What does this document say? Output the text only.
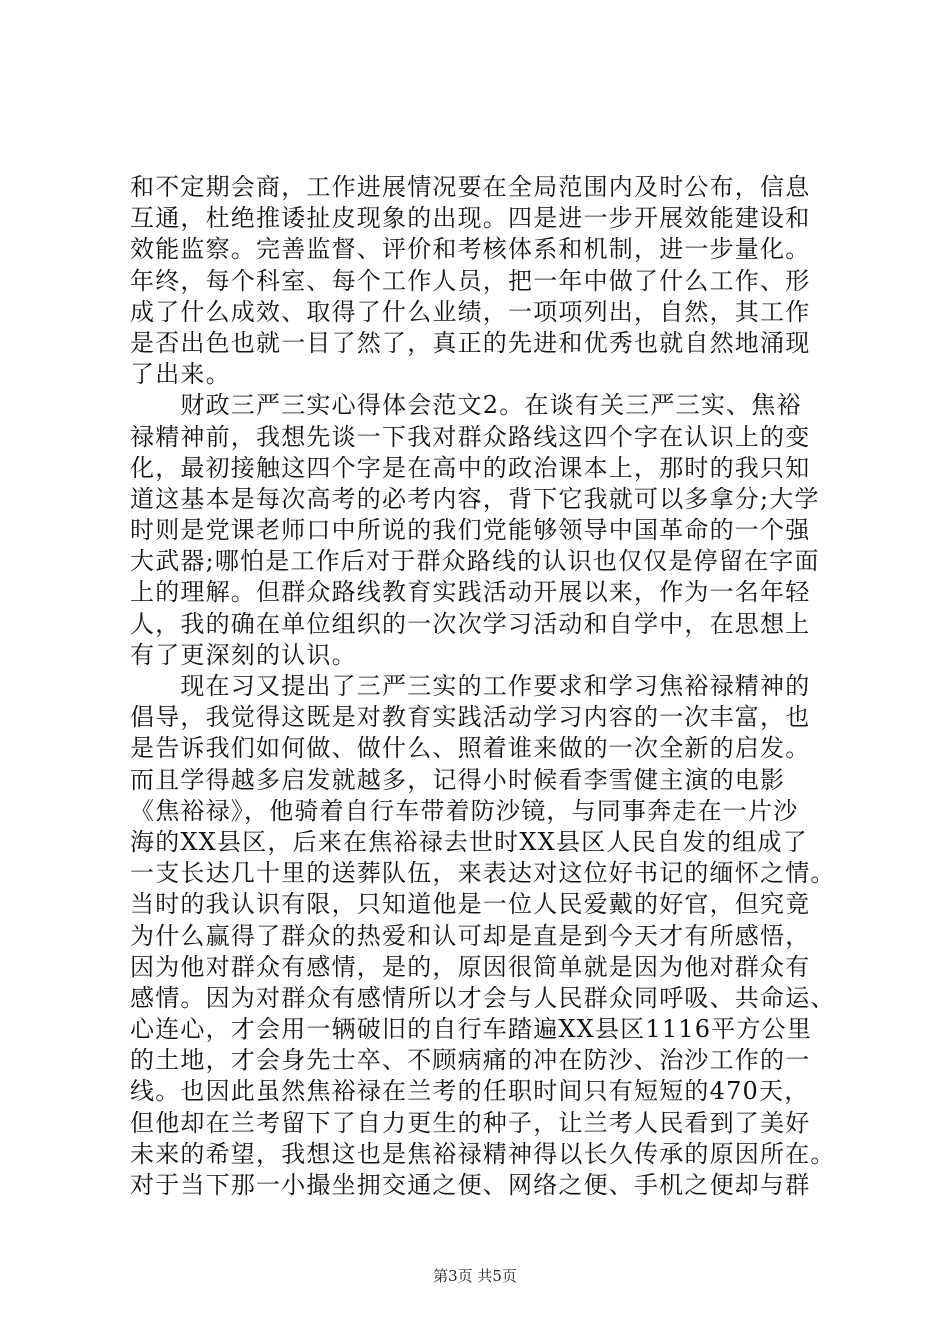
和不定期会商，工作进展情况要在全局范围内及时公布，信息
互通，杜绝推诿扯皮现象的出现。四是进一步开展效能建设和
效能监察。完善监督、评价和考核体系和机制，进一步量化。
年终，每个科室、每个工作人员，把一年中做了什么工作、形
成了什么成效、取得了什么业绩，一项项列出，自然，其工作
是否出色也就一目了然了，真正的先进和优秀也就自然地涌现
了出来。
　　财政三严三实心得体会范文2。在谈有关三严三实、焦裕
禄精神前，我想先谈一下我对群众路线这四个字在认识上的变
化，最初接触这四个字是在高中的政治课本上，那时的我只知
道这基本是每次高考的必考内容，背下它我就可以多拿分;大学
时则是党课老师口中所说的我们党能够领导中国革命的一个强
大武器;哪怕是工作后对于群众路线的认识也仅仅是停留在字面
上的理解。但群众路线教育实践活动开展以来，作为一名年轻
人，我的确在单位组织的一次次学习活动和自学中，在思想上
有了更深刻的认识。
　　现在习又提出了三严三实的工作要求和学习焦裕禄精神的
倡导，我觉得这既是对教育实践活动学习内容的一次丰富，也
是告诉我们如何做、做什么、照着谁来做的一次全新的启发。
而且学得越多启发就越多，记得小时候看李雪健主演的电影
《焦裕禄》，他骑着自行车带着防沙镜，与同事奔走在一片沙
海的XX县区，后来在焦裕禄去世时XX县区人民自发的组成了
一支长达几十里的送葬队伍，来表达对这位好书记的缅怀之情。
当时的我认识有限，只知道他是一位人民爱戴的好官，但究竟
为什么赢得了群众的热爱和认可却是直是到今天才有所感悟，
因为他对群众有感情，是的，原因很简单就是因为他对群众有
感情。因为对群众有感情所以才会与人民群众同呼吸、共命运、
心连心，才会用一辆破旧的自行车踏遍XX县区1116平方公里
的土地，才会身先士卒、不顾病痛的冲在防沙、治沙工作的一
线。也因此虽然焦裕禄在兰考的任职时间只有短短的470天，
但他却在兰考留下了自力更生的种子，让兰考人民看到了美好
未来的希望，我想这也是焦裕禄精神得以长久传承的原因所在。
对于当下那一小撮坐拥交通之便、网络之便、手机之便却与群
第3页 共5页
